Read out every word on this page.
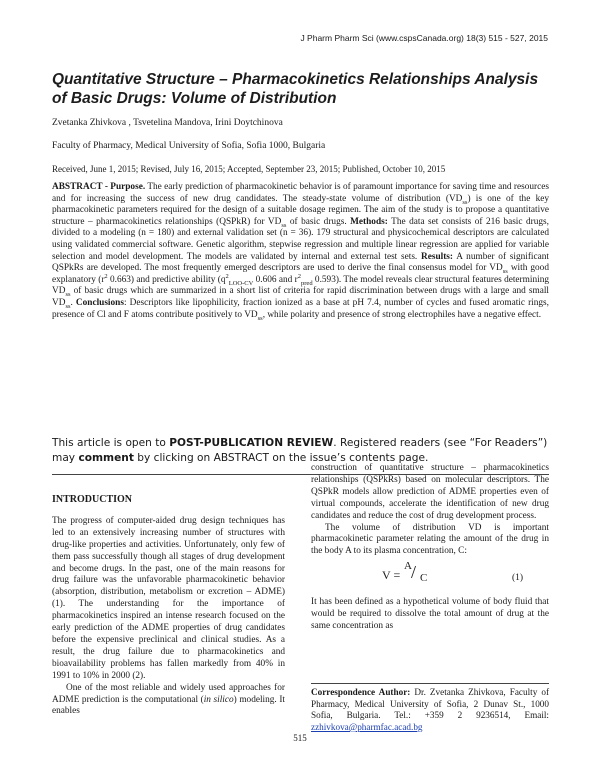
J Pharm Pharm Sci (www.cspsCanada.org) 18(3) 515 - 527, 2015
Quantitative Structure – Pharmacokinetics Relationships Analysis of Basic Drugs: Volume of Distribution
Zvetanka Zhivkova , Tsvetelina Mandova, Irini Doytchinova
Faculty of Pharmacy, Medical University of Sofia, Sofia 1000, Bulgaria
Received, June 1, 2015; Revised, July 16, 2015; Accepted, September 23, 2015; Published, October 10, 2015

ABSTRACT - Purpose. The early prediction of pharmacokinetic behavior is of paramount importance for saving time and resources and for increasing the success of new drug candidates. The steady-state volume of distribution $(VD_{ss})$ is one of the key pharmacokinetic parameters required for the design of a suitable dosage regimen. The aim of the study is to propose a quantitative structure – pharmacokinetics relationships (QSPkR) for $VD_{ss}$ of basic drugs. Methods: The data set consists of 216 basic drugs, divided to a modeling (n = 180) and external validation set (n = 36). 179 structural and physicochemical descriptors are calculated using validated commercial software. Genetic algorithm, stepwise regression and multiple linear regression are applied for variable selection and model development. The models are validated by internal and external test sets. Results: A number of significant QSPkRs are developed. The most frequently emerged descriptors are used to derive the final consensus model for $VD_{ss}$ with good explanatory ($r^2$ 0.663) and predictive ability ($q^2_{LOO-CV}$ 0.606 and $r^2_{pred}$ 0.593). The model reveals clear structural features determining $VD_{ss}$ of basic drugs which are summarized in a short list of criteria for rapid discrimination between drugs with a large and small $VD_{ss}$. Conclusions: Descriptors like lipophilicity, fraction ionized as a base at pH 7.4, number of cycles and fused aromatic rings, presence of Cl and F atoms contribute positively to $VD_{ss}$, while polarity and presence of strong electrophiles have a negative effect.

This article is open to POST-PUBLICATION REVIEW. Registered readers (see “For Readers”) may comment by clicking on ABSTRACT on the issue’s contents page.

INTRODUCTION

The progress of computer-aided drug design techniques has led to an extensively increasing number of structures with drug-like properties and activities. Unfortunately, only few of them pass successfully though all stages of drug development and become drugs. In the past, one of the main reasons for drug failure was the unfavorable pharmacokinetic behavior (absorption, distribution, metabolism or excretion – ADME) (1). The understanding for the importance of pharmacokinetics inspired an intense research focused on the early prediction of the ADME properties of drug candidates before the expensive preclinical and clinical studies. As a result, the drug failure due to pharmacokinetics and bioavailability problems has fallen markedly from 40% in 1991 to 10% in 2000 (2).

One of the most reliable and widely used approaches for ADME prediction is the computational (in silico) modeling. It enables

construction of quantitative structure – pharmacokinetics relationships (QSPkRs) based on molecular descriptors. The QSPkR models allow prediction of ADME properties even of virtual compounds, accelerate the identification of new drug candidates and reduce the cost of drug development process.

The volume of distribution VD is important pharmacokinetic parameter relating the amount of the drug in the body A to its plasma concentration, C:

V =
A / C	(1)

It has been defined as a hypothetical volume of body fluid that would be required to dissolve the total amount of drug at the same concentration as

Correspondence Author: Dr. Zvetanka Zhivkova, Faculty of Pharmacy, Medical University of Sofia, 2 Dunav St., 1000 Sofia, Bulgaria. Tel.: +359 2 9236514, Email: zzhivkova@pharmfac.acad.bg

515
